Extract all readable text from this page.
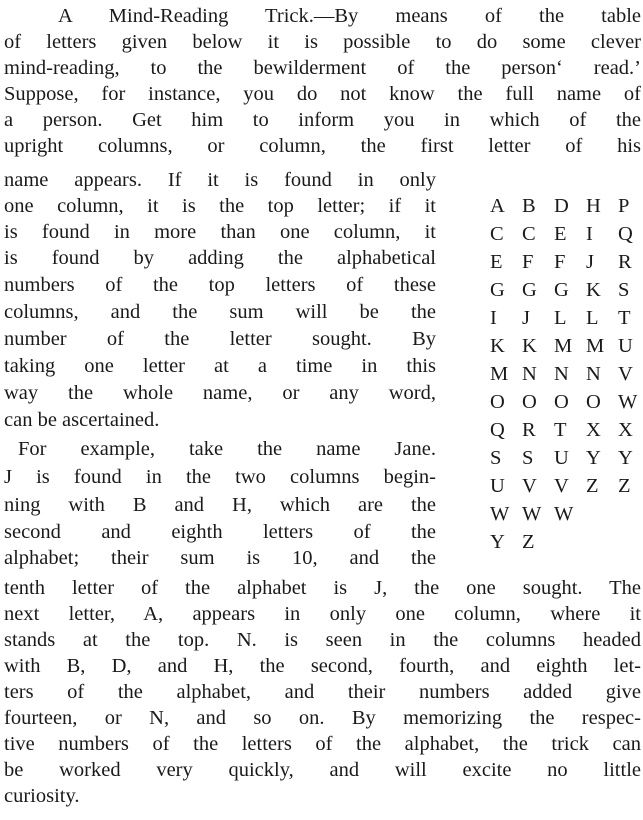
A Mind-Reading Trick.—By means of the table
of letters given below it is possible to do some clever
mind-reading, to the bewilderment of the person‘ read.’
Suppose, for instance, you do not know the full name of
a person. Get him to inform you in which of the
upright columns, or column, the first letter of his
name appears. If it is found in only
one column, it is the top letter; if it
is found in more than one column, it
is found by adding the alphabetical
numbers of the top letters of these
columns, and the sum will be the
number of the letter sought. By
taking one letter at a time in this
way the whole name, or any word,
can be ascertained.
For example, take the name Jane.
J is found in the two columns begin-
ning with B and H, which are the
second and eighth letters of the
alphabet; their sum is 10, and the
tenth letter of the alphabet is J, the one sought. The
next letter, A, appears in only one column, where it
stands at the top. N. is seen in the columns headed
with B, D, and H, the second, fourth, and eighth let-
ters of the alphabet, and their numbers added give
fourteen, or N, and so on. By memorizing the respec-
tive numbers of the letters of the alphabet, the trick can
be worked very quickly, and will excite no little
curiosity.
A B D H P
C C E I	Q
E F	F	J	R
G G G K S
I	J	L L T
K K M M U
M N N N V
O O O O W
Q R T X X
S	S	U Y Y
U V V Z Z
W W W
Y Z
